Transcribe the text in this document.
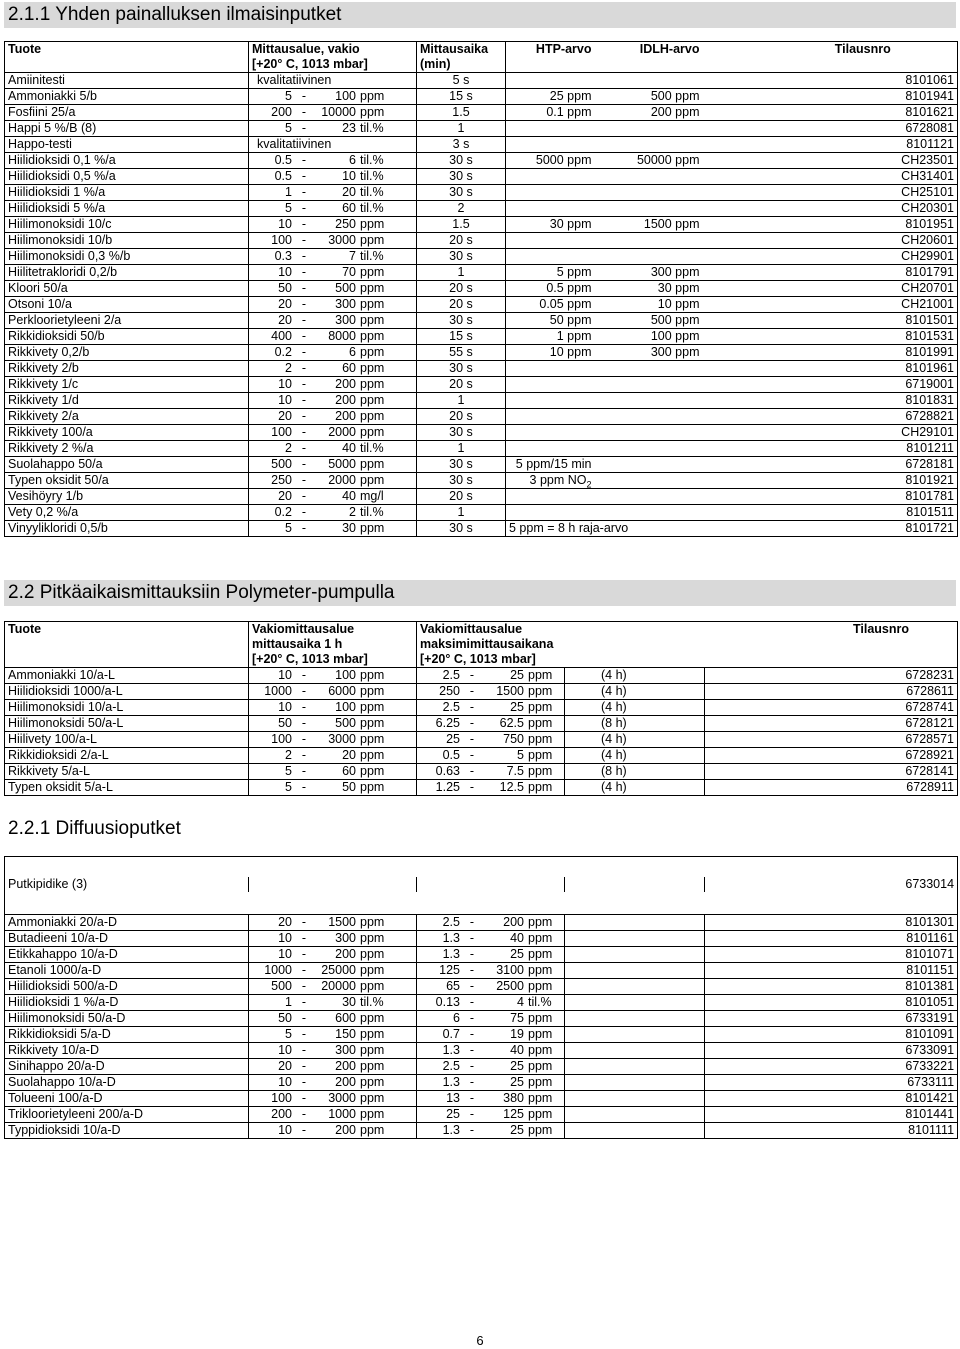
2.1.1 Yhden painalluksen ilmaisinputket
Tuote	Mittausalue, vakio	Mittausaika	HTP-arvo	IDLH-arvo		Tilausnro
	[+20° C, 1013 mbar]	(min)				
Amiinitesti	kvalitatiivinen	5 s				8101061
Ammoniakki 5/b	5 - 100 ppm	15 s	25 ppm	500 ppm		8101941
Fosfiini 25/a	200 - 10000 ppm	1.5	0.1 ppm	200 ppm		8101621
Happi 5 %/B (8)	5 - 23 til.%	1				6728081
Happo-testi	kvalitatiivinen	3 s				8101121
Hiilidioksidi 0,1 %/a	0.5 - 6 til.%	30 s	5000 ppm	50000 ppm		CH23501
Hiilidioksidi 0,5 %/a	0.5 - 10 til.%	30 s				CH31401
Hiilidioksidi 1 %/a	1 - 20 til.%	30 s				CH25101
Hiilidioksidi 5 %/a	5 - 60 til.%	2				CH20301
Hiilimonoksidi 10/c	10 - 250 ppm	1.5	30 ppm	1500 ppm		8101951
Hiilimonoksidi 10/b	100 - 3000 ppm	20 s				CH20601
Hiilimonoksidi 0,3 %/b	0.3 - 7 til.%	30 s				CH29901
Hiilitetrakloridi 0,2/b	10 - 70 ppm	1	5 ppm	300 ppm		8101791
Kloori 50/a	50 - 500 ppm	20 s	0.5 ppm	30 ppm		CH20701
Otsoni 10/a	20 - 300 ppm	20 s	0.05 ppm	10 ppm		CH21001
Perkloorietyleeni 2/a	20 - 300 ppm	30 s	50 ppm	500 ppm		8101501
Rikkidioksidi 50/b	400 - 8000 ppm	15 s	1 ppm	100 ppm		8101531
Rikkivety 0,2/b	0.2 - 6 ppm	55 s	10 ppm	300 ppm		8101991
Rikkivety 2/b	2 - 60 ppm	30 s				8101961
Rikkivety 1/c	10 - 200 ppm	20 s				6719001
Rikkivety 1/d	10 - 200 ppm	1				8101831
Rikkivety 2/a	20 - 200 ppm	20 s				6728821
Rikkivety 100/a	100 - 2000 ppm	30 s				CH29101
Rikkivety 2 %/a	2 - 40 til.%	1				8101211
Suolahappo 50/a	500 - 5000 ppm	30 s	5 ppm/15 min			6728181
Typen oksidit 50/a	250 - 2000 ppm	30 s	3 ppm $NO_2$			8101921
Vesihöyry 1/b	20 - 40 mg/l	20 s				8101781
Vety 0,2 %/a	0.2 - 2 til.%	1				8101511
Vinyylikloridi 0,5/b	5 - 30 ppm	30 s	5 ppm = 8 h raja-arvo			8101721
2.2 Pitkäaikaismittauksiin Polymeter-pumpulla
Tuote	Vakiomittausalue	Vakiomittausalue		Tilausnro
	mittausaika 1 h	maksimimittausaikana		
	[+20° C, 1013 mbar]	[+20° C, 1013 mbar]		
Ammoniakki 10/a-L	10 - 100 ppm	2.5 - 25 ppm	(4 h)	6728231
Hiilidioksidi 1000/a-L	1000 - 6000 ppm	250 - 1500 ppm	(4 h)	6728611
Hiilimonoksidi 10/a-L	10 - 100 ppm	2.5 - 25 ppm	(4 h)	6728741
Hiilimonoksidi 50/a-L	50 - 500 ppm	6.25 - 62.5 ppm	(8 h)	6728121
Hiilivety 100/a-L	100 - 3000 ppm	25 - 750 ppm	(4 h)	6728571
Rikkidioksidi 2/a-L	2 - 20 ppm	0.5 - 5 ppm	(4 h)	6728921
Rikkivety 5/a-L	5 - 60 ppm	0.63 - 7.5 ppm	(8 h)	6728141
Typen oksidit 5/a-L	5 - 50 ppm	1.25 - 12.5 ppm	(4 h)	6728911
2.2.1 Diffuusioputket

Putkipidike (3)				6733014

Ammoniakki 20/a-D	20 - 1500 ppm	2.5 - 200 ppm		8101301
Butadieeni 10/a-D	10 - 300 ppm	1.3 - 40 ppm		8101161
Etikkahappo 10/a-D	10 - 200 ppm	1.3 - 25 ppm		8101071
Etanoli 1000/a-D	1000 - 25000 ppm	125 - 3100 ppm		8101151
Hiilidioksidi 500/a-D	500 - 20000 ppm	65 - 2500 ppm		8101381
Hiilidioksidi 1 %/a-D	1 - 30 til.%	0.13 - 4 til.%		8101051
Hiilimonoksidi 50/a-D	50 - 600 ppm	6 - 75 ppm		6733191
Rikkidioksidi 5/a-D	5 - 150 ppm	0.7 - 19 ppm		8101091
Rikkivety 10/a-D	10 - 300 ppm	1.3 - 40 ppm		6733091
Sinihappo 20/a-D	20 - 200 ppm	2.5 - 25 ppm		6733221
Suolahappo 10/a-D	10 - 200 ppm	1.3 - 25 ppm		6733111
Tolueeni 100/a-D	100 - 3000 ppm	13 - 380 ppm		8101421
Trikloorietyleeni 200/a-D	200 - 1000 ppm	25 - 125 ppm		8101441
Typpidioksidi 10/a-D	10 - 200 ppm	1.3 - 25 ppm		8101111
6
